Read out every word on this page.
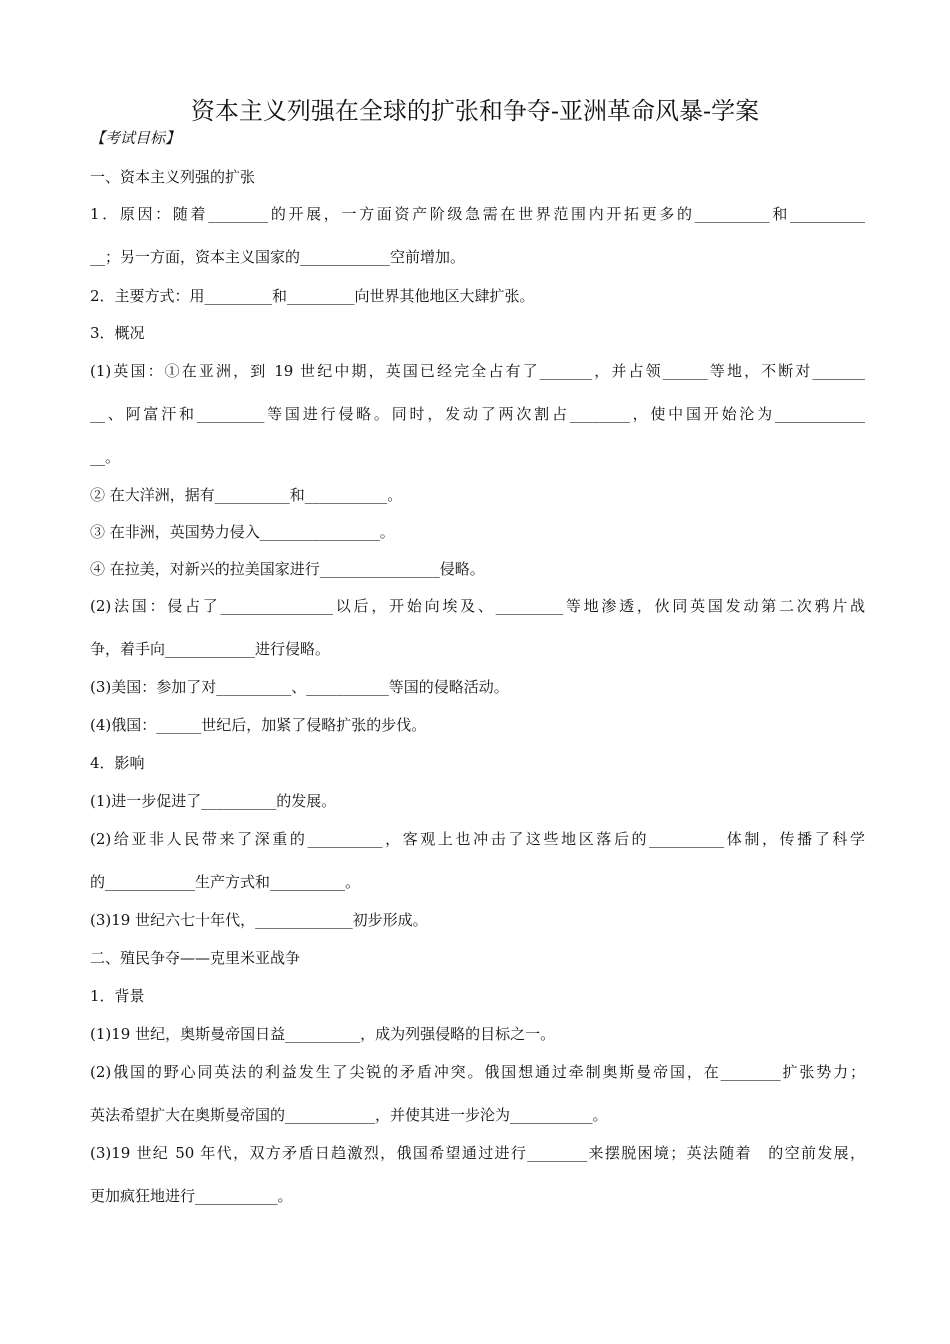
资本主义列强在全球的扩张和争夺-亚洲革命风暴-学案
【考试目标】
一、资本主义列强的扩张
1．原因：随着________的开展，一方面资产阶级急需在世界范围内开拓更多的__________和__________
__；另一方面，资本主义国家的____________空前增加。
2．主要方式：用_________和_________向世界其他地区大肆扩张。
3．概况
(1)英国：①在亚洲，到 19 世纪中期，英国已经完全占有了_______，并占领______等地，不断对_______
__、阿富汗和_________等国进行侵略。同时，发动了两次割占________，使中国开始沦为____________
__。
② 在大洋洲，据有__________和___________。
③ 在非洲，英国势力侵入________________。
④ 在拉美，对新兴的拉美国家进行________________侵略。
(2)法国：侵占了_______________以后，开始向埃及、_________等地渗透，伙同英国发动第二次鸦片战
争，着手向____________进行侵略。
(3)美国：参加了对__________、___________等国的侵略活动。
(4)俄国：______世纪后，加紧了侵略扩张的步伐。
4．影响
(1)进一步促进了__________的发展。
(2)给亚非人民带来了深重的__________，客观上也冲击了这些地区落后的__________体制，传播了科学
的____________生产方式和__________。
(3)19 世纪六七十年代，_____________初步形成。
二、殖民争夺——克里米亚战争
1．背景
(1)19 世纪，奥斯曼帝国日益__________，成为列强侵略的目标之一。
(2)俄国的野心同英法的利益发生了尖锐的矛盾冲突。俄国想通过牵制奥斯曼帝国，在________扩张势力；
英法希望扩大在奥斯曼帝国的____________，并使其进一步沦为___________。
(3)19 世纪 50 年代，双方矛盾日趋激烈，俄国希望通过进行________来摆脱困境；英法随着　的空前发展，
更加疯狂地进行___________。
